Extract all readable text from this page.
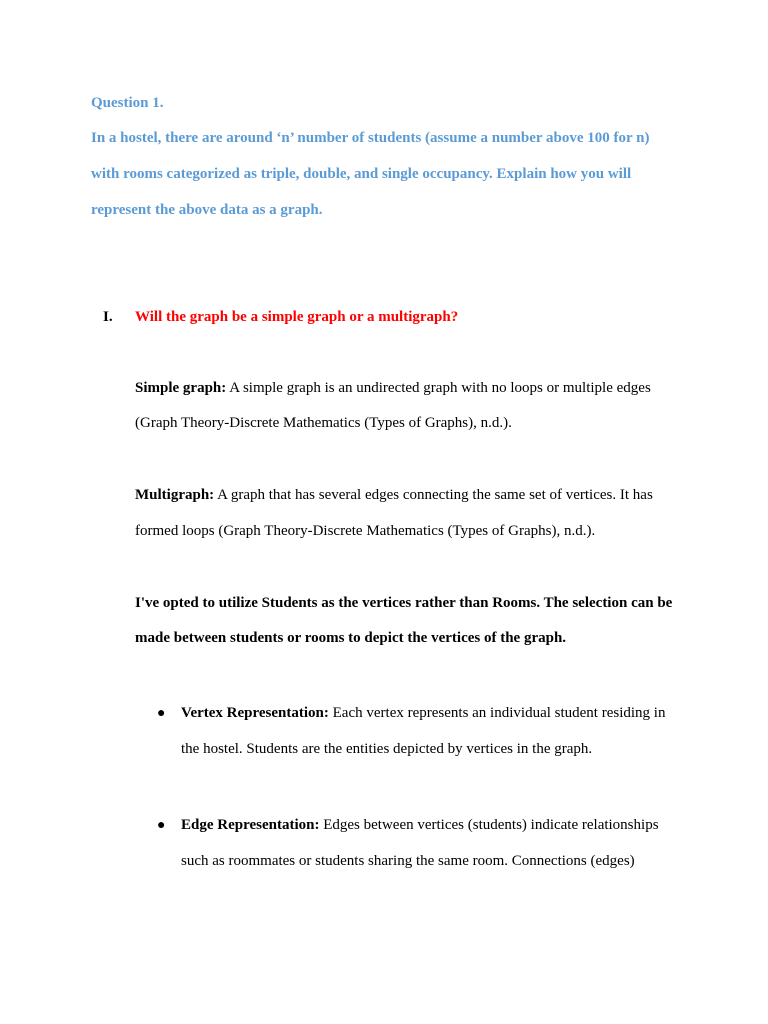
Question 1.
In a hostel, there are around ‘n’ number of students (assume a number above 100 for n)
with rooms categorized as triple, double, and single occupancy. Explain how you will
represent the above data as a graph.
I. Will the graph be a simple graph or a multigraph?
Simple graph: A simple graph is an undirected graph with no loops or multiple edges
(Graph Theory-Discrete Mathematics (Types of Graphs), n.d.).
Multigraph: A graph that has several edges connecting the same set of vertices. It has
formed loops (Graph Theory-Discrete Mathematics (Types of Graphs), n.d.).
I've opted to utilize Students as the vertices rather than Rooms. The selection can be
made between students or rooms to depict the vertices of the graph.
● Vertex Representation: Each vertex represents an individual student residing in
the hostel. Students are the entities depicted by vertices in the graph.
● Edge Representation: Edges between vertices (students) indicate relationships
such as roommates or students sharing the same room. Connections (edges)
